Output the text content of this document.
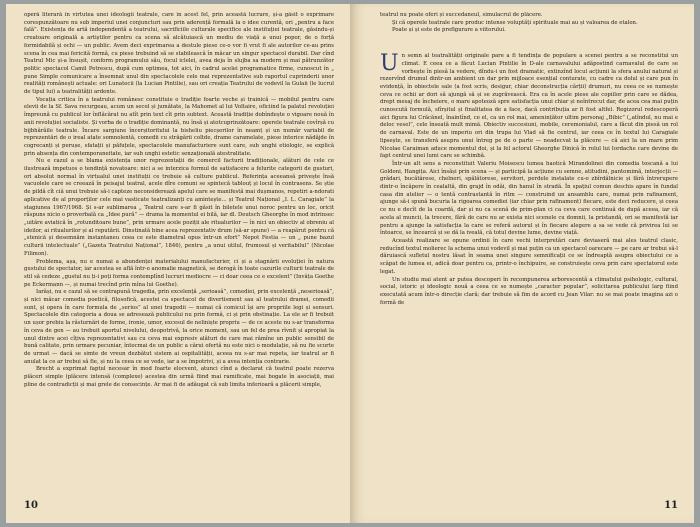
operă literară în virtutea unei ideologii teatrale, care în acest fel, prin această lucrare, și-a găsit o exprimare corespunzătoare nu sub imperiul unei conjuncturi sau prin aderență formală la o idee curentă, ori „pentru a face fală”. Existența de artă independentă a teatrului, sacrificiile culturale specifice ale instituției teatrale, găsindu-și creatoare originală a artiștilor pentru ca scena să alcătuiască un mediu de viață a unui popor, de o forță formidabilă și ochi — un public. Avem deci exprimarea a destule piese ce-o vor fi vrut fi ale autorilor ce-au prins scena în cea mai fericită formă, cu piese trebuind să se stabilească în măcar un singur spectacol durabil. Dar cînd Teatrul Mic și-a însușit, conform programului său, focul iclelei, avea deja în slujba sa modern și mai pătrunzător politic spectacol Camil Petrescu, după cum optimea, tot aici, în cadrul acelei programatice firme, cunoscut în „ pune Simple comunicare a însemnat unul din spectacolele cele mai reprezentative sub raportul cuprinderii unor realități românești actuale: ori Lunatecii (la Lucian Pintilie), sau ori creația Teatrului de vodevil la Gulaii (le lucrul de tipul lui) a teatralității ardente.

Vocația critica în a teatrului românesc constituie o tradiție foarte veche și trainică — mobilul pentru care elevii de la Sf. Sava recurgeau, acum un secol și jumătate, la Mahomet al lui Voltaire, oficiind la palatul revoluției împreună cu publicul lor înflăcărat nu atît prin text cît prin subtext. Această tradiție dobîndește o vigoare nouă în anii revoluției socialiste. Și vorba de o tradiție dominantă, nu însă și atotcuprinzătoare: operele teatrale covîrșă cu bijbhărăile teatrale. Încare sargiune încerșitoritului la bisheliu piecșerilor în neamț și un număr variabil de reprezentări de o ireal atate somnolentă, comedii cu străgării coltde, drame caramelate, piese interice nădăjde în cogrecanți și perușe, sfatații și păfuțele, spectacolele manufacturiere sunt care, sub unghi etiologic, se explică prin absența din contemporaneitate, iar sub unghi estetic senzațională atestralitate.

Nu e cazul a se blama existența unor reprezentații de comercil facturii tradiționale, alături de cele ce ilustrează impetuos o tendință novatoare: nici a se interzica formul de satisfacere a felurite categorii de gusturi, ori absolut normal în virtualul unei instituții ce trebuie să culture publicul. Referința aceeansă privește însă vacuolele care se creează în peisajul teatral, acele dîre comuni se spintecă tablouț și locul în contrasens. Se știe de pildă cît ciă unui trebuie să-i capteze neconsiderează apelul care se manifestă mai dușmanos, repetiri a-ndorati aplicative de al proporților cele mai vasticate teatralizanți cu amintește... și Teatrul Național „I. L. Caragiale” la stagiunea 1967/1968. Și s-ar sublimarea „ Teatrul care s-ar fi găsit în biletele unui noroc pentru un loc, oricit răspuns nicio o proverbală ca „Idee pură” — drama la momentul ei bilă, iar dl. Deutsch Gheorghe în mod intrinsec „uităre aviatică în „rotunditoare bune”, prin urmare acele poziții ale ritualurilor — în nici un obiectiv al obreniu al ideilor, ai ritualurilor și al reputării. Dinstinată bine acea reprezentativ drum (să-ar spune) — a reapărut pentru că „stenică și desemnăm instantaneu ceea ce este diametral opus într-un efort” Nepot Festia — un „ pune bazul culturii intelectuale” („Gazeta Teatrului Național”, 1846), pentru „a unui utilul, frumosul și veritabilul” (Nicolae Filimon).

Problema, așa, nu e numai a abundenței materialului manufacturier, ci și a stagnării evoluției în natura gustului de spectator, iar acestea se află într-o anomalie magnetică, se derogă în toate cazurile culturii teatrale de stil să cedeze „gustul nu ți-i poți forma contemplînd lucruri mediocre — ci doar ceea ce e excelent” (Invăța Goethe pe Eckermann —, și numai trecînd prin mîna lui Goethe).

Iarăși, nu e cazul să se contrapună tragedia, prin excelență „serioasă”, comediei, prin excelență „neserioasă”, și nici măcar comedia poetică, filosofică, acestei ca spectacol de divertisment sau al teatrului dramei, comedii sunt, și opera în care formula de „serios” al unei tragedii — numai că comicul își are propriile legi și sensuri. Spectacolele din categoria a doua se adresează publicului nu prin formă, ci și prin obstinație. La ele ar fi trebuit un ușor prebiu la răsturnări de forme, ironie, umor, excesul de neliniște propriu — de ce aceste nu s-ar transforma în ceva de gen — au trebuit aportul nivelului, deopotrivă, la orice moment, sau un fel de prea rîvnit și apropiat la unul dintre acei cîțiva reprezentativi sau cu ceva mai expresiv alături de care mai rămîne un public sensibil de bună calitate, prin urmare pecuniar, întocmai de un public a cărui ofertă nu este nici o modulație, să nu fie scurte de urmat — dacă se simte de vreun dezbătut sistem ai ospitalității, aceea nu s-ar mai repeta, iar teatrul ar fi anulat la ce ar trebui să fie, și nu la ceea ce se vede, iar a se împotrivi, și a avea intenția contrarie.

Brecht a exprimat faptul necesar în mod foarte elocvent, atunci cînd a declarat că teatrul poate rezerva plăceri simple (plăcere intensă (complexe) acestea din urmă fiind mai ramificate, mai bogate în asociații, mai pline de contradicții și mai grele de consecințe. Ar mai fi de adăugat că sub limita inferioară a plăcerii simple,

10

teatrul nu poate oferi și succedaneul, simulacrul de plăcere.

Și că operele teatrale care produc intense voluptăți spirituale mai au și valoarea de etalon.

Poate și și este de prefigurare a viitorului.

U n semn al teatralității originale pare a fi tendința de populare a scenei pentru a se reconstitui un climat. E ceea ce a făcut Lucian Pintilie în D-ale carnavalului adăpostind carnavalul de care se vorbește în piesă la vedere, dîndu-i un fost dramatic, extinzînd locul acțiunii la sfera anului natural și rezervînd drumul dintr-un ambient un dar prin mijloace esențial conturate, cu cadre ca dolul și care pun în evidență, în obiectele sale (a fost scris, desigur, chiar deconstrucția cărții) drumuri, nu ceea ce se numește ceva ce ochii ar dori să ajungă să și se zugrăvească. Era ca în acele piese ale copiilor prin care se dădea, drept mesaj de încheiere, o mare apoteoză spre satisfacția unui chiar și neîntrecut dar, de acea cea mai puțin cunoscută formulă, sfîrșitul și finalitatea de a face, dacă contribuția ar fi fost altfel. Regizorul redescoperă aici figura lui Crăcănel, înaintînd, ce el, ca un rol mai, amenințător ultim personaj „Bibic” („atîndul, nu mai e deloc vesel”, cele înseată mult mimă. Obiectiv succesiuni, mobile, ceremonialul, care a făcut din piesă un rol de carnaval. Este de un imperiu ori din trupa lui Vlad să fie centrul, iar ceea ce în textul lui Caragiale lipsește, se transferă asupra unui întreg pe de o parte — neadecvat la plăcere — că aici la un mare prim Nicolae Caraiman aduce momentul doi, și la fel actorul Gheorghe Dinică în rolul lui Iordache care devine de fapt centrul unei lumi care se schimbă.

Într-un alt sens a reconstituit Valeriu Moisescu lumea haotică Mirandolinei din comedia toscană a lui Goldoni, Hangița. Aici însăși prin scena — și participă la acțiune cu semne, atitudini, pantomimă, interjecții — grădari, bucătărese, chelneri, spălătorese, servitori, perdele instalate cu-o zbîrdălnicie și fără întrerupere dintr-o încăpere în cealaltă, din grajd în odăi, din hanul în stradă. În spațiul comun deschis apare în fundal casa din atelier — o tentă contrastantă în ritm — construind un ansamblu care, numai prin rafinament, ajunge să-i spună bucuria la rigoarea comediei (iar chiar prin rafinament) fiecare, este deci reducere, și ceea ce nu e decît de la coardă, dar și nu ca scenă de prim-plan ci ca ceva care continuă de după aceea, iar că acela al muncii, la trecere, fără de care nu ar exista nici scenele cu domnii, la pristandă, ori se manifestă iar pentru a ajunge la satisfacția la care se referă autorul și în fiecare alegere a sa se vede că privirea lui se întoarce, se încearcă și se dă la iveală, că totul devine lume, devine viață.

Această realizare se opune ordinii în care vechi interpretări care deviaseră mai ales teatrul clasic, reducînd textul molierec la schema unui vodevil și mai puțin ca un spectacol oarecare — pe care ar trebui să-l dăruiască sufletul nostru lăsat în seama unei singure semnificații ce se îndreaptă asupra obiectului ce a scăpat de lumea ei, adică doar pentru ca, printr-o închipuire, se construiește ceva prin care spectatorul este legat.

Un studiu mai atent ar putea descoperi în recompunerea arborescentă a climatului psihologic, cultural, social, istoric și ideologic nouă a ceea ce se numește „caracter popular”, solicitarea publicului larg fiind executată acum într-o direcție clară; dar trebuie să fim de acord cu Jean Vilar: nu se mai poate imagina azi o formă de

11
